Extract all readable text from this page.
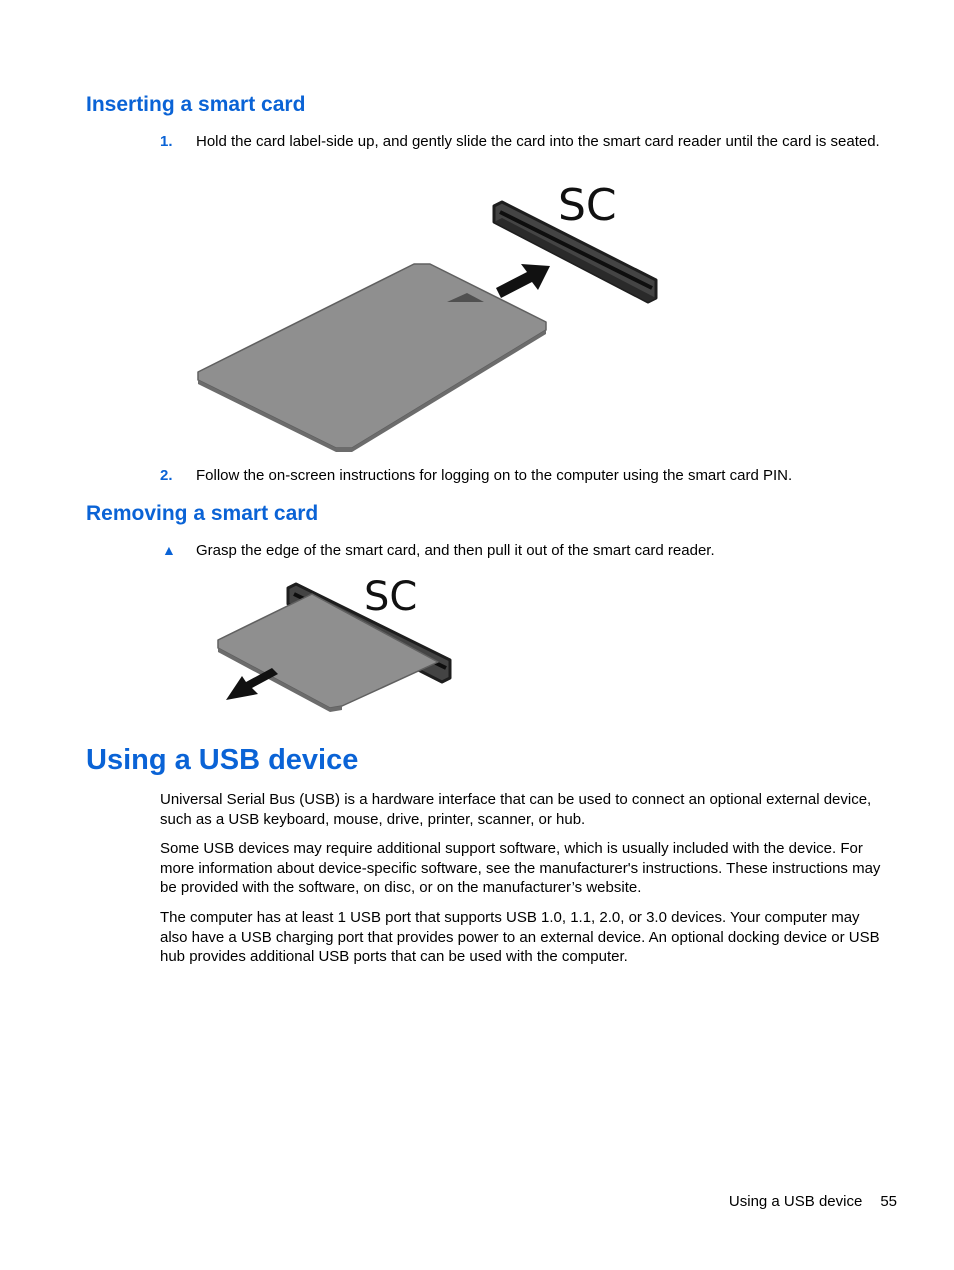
Inserting a smart card
1. Hold the card label-side up, and gently slide the card into the smart card reader until the card is seated.
SC
2. Follow the on-screen instructions for logging on to the computer using the smart card PIN.
Removing a smart card
▲ Grasp the edge of the smart card, and then pull it out of the smart card reader.
SC
Using a USB device

Universal Serial Bus (USB) is a hardware interface that can be used to connect an optional external device, such as a USB keyboard, mouse, drive, printer, scanner, or hub.

Some USB devices may require additional support software, which is usually included with the device. For more information about device-specific software, see the manufacturer's instructions. These instructions may be provided with the software, on disc, or on the manufacturer’s website.

The computer has at least 1 USB port that supports USB 1.0, 1.1, 2.0, or 3.0 devices. Your computer may also have a USB charging port that provides power to an external device. An optional docking device or USB hub provides additional USB ports that can be used with the computer.

Using a USB device 55
